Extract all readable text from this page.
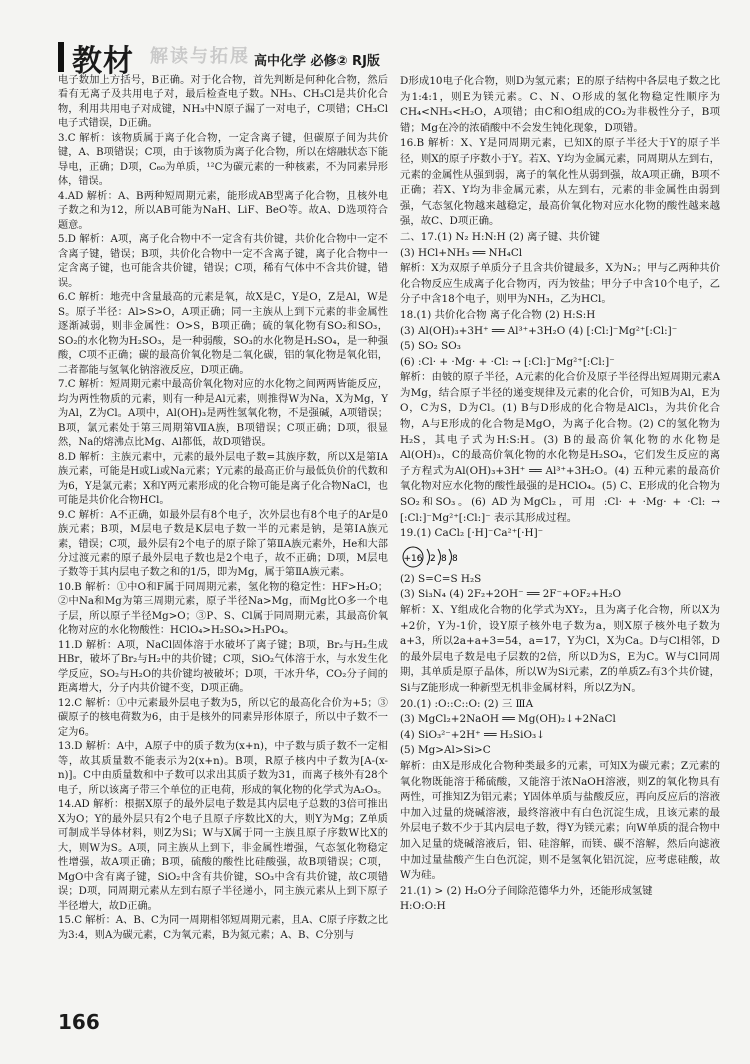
教材 解读与拓展 高中化学 必修② RJ版

电子数加上方括号，B正确。对于化合物，首先判断是何种化合物，然后看有无离子及共用电子对，最后检查电子数。NH₃、CH₃Cl是共价化合物，利用共用电子对成键，NH₃中N原子漏了一对电子，C项错；CH₃Cl电子式错误，D正确。

3.C 解析：该物质属于离子化合物，一定含离子键，但碳原子间为共价键，A、B项错误；C项，由于该物质为离子化合物，所以在熔融状态下能导电，正确；D项，C₆₀为单质，¹²C为碳元素的一种核素，不为同素异形体，错误。

4.AD 解析：A、B两种短周期元素，能形成AB型离子化合物，且核外电子数之和为12，所以AB可能为NaH、LiF、BeO等。故A、D选项符合题意。

5.D 解析：A项，离子化合物中不一定含有共价键，共价化合物中一定不含离子键，错误；B项，共价化合物中一定不含离子键，离子化合物中一定含离子键，也可能含共价键，错误；C项，稀有气体中不含共价键，错误。

6.C 解析：地壳中含量最高的元素是氧，故X是C，Y是O，Z是Al，W是S。原子半径：Al>S>O，A项正确；同一主族从上到下元素的非金属性逐渐减弱，则非金属性：O>S，B项正确；硫的氧化物有SO₂和SO₃，SO₂的水化物为H₂SO₃，是一种弱酸，SO₃的水化物是H₂SO₄，是一种强酸，C项不正确；碳的最高价氧化物是二氧化碳，铝的氧化物是氧化铝，二者都能与氢氧化钠溶液反应，D项正确。

7.C 解析：短周期元素中最高价氧化物对应的水化物之间两两皆能反应，均为两性物质的元素，则有一种是Al元素，则推得W为Na，X为Mg，Y为Al，Z为Cl。A项中，Al(OH)₃是两性氢氧化物，不是强碱，A项错误；B项，氯元素处于第三周期第ⅦA族，B项错误；C项正确；D项，很显然，Na的熔沸点比Mg、Al都低，故D项错误。

8.D 解析：主族元素中，元素的最外层电子数=其族序数，所以X是第ⅠA族元素，可能是H或Li或Na元素；Y元素的最高正价与最低负价的代数和为6，Y是氯元素；X和Y两元素形成的化合物可能是离子化合物NaCl，也可能是共价化合物HCl。

9.C 解析：A不正确，如最外层有8个电子，次外层也有8个电子的Ar是0族元素；B项，M层电子数是K层电子数一半的元素是钠，是第ⅠA族元素，错误；C项，最外层有2个电子的原子除了第ⅡA族元素外，He和大部分过渡元素的原子最外层电子数也是2个电子，故不正确；D项，M层电子数等于其内层电子数之和的1/5，即为Mg，属于第ⅡA族元素。

10.B 解析：①中O和F属于同周期元素，氢化物的稳定性：HF>H₂O；②中Na和Mg为第三周期元素，原子半径Na>Mg，而Mg比O多一个电子层，所以原子半径Mg>O；③P、S、Cl属于同周期元素，其最高价氧化物对应的水化物酸性：HClO₄>H₂SO₄>H₃PO₄。

11.D 解析：A项，NaCl固体溶于水破坏了离子键；B项，Br₂与H₂生成HBr，破坏了Br₂与H₂中的共价键；C项，SiO₂气体溶于水，与水发生化学反应，SO₂与H₂O的共价键均被破坏；D项，干冰升华，CO₂分子间的距离增大，分子内共价键不变，D项正确。

12.C 解析：①中元素最外层电子数为5，所以它的最高化合价为+5；③碳原子的核电荷数为6，由于是核外的同素异形体原子，所以中子数不一定为6。

13.D 解析：A中，A原子中的质子数为(x+n)，中子数与质子数不一定相等，故其质量数不能表示为2(x+n)。B项，R原子核内中子数为[A-(x-n)]。C中由质量数和中子数可以求出其质子数为31，而离子核外有28个电子，所以该离子带三个单位的正电荷，形成的氧化物的化学式为A₂O₃。

14.AD 解析：根据X原子的最外层电子数是其内层电子总数的3倍可推出X为O；Y的最外层只有2个电子且原子序数比X的大，则Y为Mg；Z单质可制成半导体材料，则Z为Si；W与X属于同一主族且原子序数W比X的大，则W为S。A项，同主族从上到下，非金属性增强，气态氢化物稳定性增强，故A项正确；B项，硫酸的酸性比硅酸强，故B项错误；C项，MgO中含有离子键，SiO₂中含有共价键，SO₃中含有共价键，故C项错误；D项，同周期元素从左到右原子半径递小，同主族元素从上到下原子半径增大，故D正确。

15.C 解析：A、B、C为同一周期相邻短周期元素，且A、C原子序数之比为3:4，则A为碳元素，C为氧元素，B为氮元素；A、B、C分别与

D形成10电子化合物，则D为氢元素；E的原子结构中各层电子数之比为1:4:1，则E为镁元素。C、N、O形成的氢化物稳定性顺序为CH₄<NH₃<H₂O，A项错；由C和O组成的CO₂为非极性分子，B项错；Mg在冷的浓硝酸中不会发生钝化现象，D项错。

16.B 解析：X、Y是同周期元素，已知X的原子半径大于Y的原子半径，则X的原子序数小于Y。若X、Y均为金属元素，同周期从左到右，元素的金属性从强到弱，离子的氧化性从弱到强，故A项正确，B项不正确；若X、Y均为非金属元素，从左到右，元素的非金属性由弱到强，气态氢化物越来越稳定，最高价氧化物对应水化物的酸性越来越强，故C、D项正确。

二、17.(1) N₂ H:N:H (2) 离子键、共价键

(3) HCl+NH₃ ══ NH₄Cl

解析：X为双原子单质分子且含共价键最多，X为N₂；甲与乙两种共价化合物反应生成离子化合物丙，丙为铵盐；甲分子中含10个电子，乙分子中含18个电子，则甲为NH₃，乙为HCl。

18.(1) 共价化合物 离子化合物 (2) H:S:H

(3) Al(OH)₃+3H⁺ ══ Al³⁺+3H₂O (4) [:Cl:]⁻Mg²⁺[:Cl:]⁻

(5) SO₂ SO₃

(6) :Cl· + ·Mg· + ·Cl: → [:Cl:]⁻Mg²⁺[:Cl:]⁻

解析：由铍的原子半径，A元素的化合价及原子半径得出短周期元素A为Mg，结合原子半径的递变规律及元素的化合价，可知B为Al，E为O，C为S，D为Cl。(1) B与D形成的化合物是AlCl₃，为共价化合物，A与E形成的化合物是MgO，为离子化合物。(2) C的氢化物为H₂S，其电子式为H:S:H。(3) B的最高价氧化物的水化物是Al(OH)₃，C的最高价氧化物的水化物是H₂SO₄，它们发生反应的离子方程式为Al(OH)₃+3H⁺ ══ Al³⁺+3H₂O。(4) 五种元素的最高价氧化物对应水化物的酸性最强的是HClO₄。(5) C、E形成的化合物为SO₂和SO₃。(6) AD为MgCl₂，可用 :Cl· + ·Mg· + ·Cl: → [:Cl:]⁻Mg²⁺[:Cl:]⁻ 表示其形成过程。

19.(1) CaCl₂ [·H]⁻Ca²⁺[·H]⁻

+16 2 8 8

(2) S=C=S H₂S

(3) Si₃N₄ (4) 2F₂+2OH⁻ ══ 2F⁻+OF₂+H₂O

解析：X、Y组成化合物的化学式为XY₂，且为离子化合物，所以X为+2价，Y为-1价，设Y原子核外电子数为a，则X原子核外电子数为a+3，所以2a+a+3=54，a=17，Y为Cl，X为Ca。D与Cl相邻，D的最外层电子数是电子层数的2倍，所以D为S，E为C。W与Cl同周期，其单质是原子晶体，所以W为Si元素，Z的单质Z₂有3个共价键，Si与Z能形成一种新型无机非金属材料，所以Z为N。

20.(1) :O::C::O: (2) 三 ⅢA

(3) MgCl₂+2NaOH ══ Mg(OH)₂↓+2NaCl

(4) SiO₃²⁻+2H⁺ ══ H₂SiO₃↓

(5) Mg>Al>Si>C

解析：由X是形成化合物种类最多的元素，可知X为碳元素；Z元素的氧化物既能溶于稀硫酸，又能溶于浓NaOH溶液，则Z的氧化物具有两性，可推知Z为铝元素；Y固体单质与盐酸反应，再向反应后的溶液中加入过量的烧碱溶液，最终溶液中有白色沉淀生成，且该元素的最外层电子数不少于其内层电子数，得Y为镁元素；向W单质的混合物中加入足量的烧碱溶液后，铝、硅溶解，而镁、碳不溶解，然后向滤液中加过量盐酸产生白色沉淀，则不是氢氧化铝沉淀，应考虑硅酸，故W为硅。

21.(1) > (2) H₂O分子间除范德华力外，还能形成氢键

H:O:O:H

166
